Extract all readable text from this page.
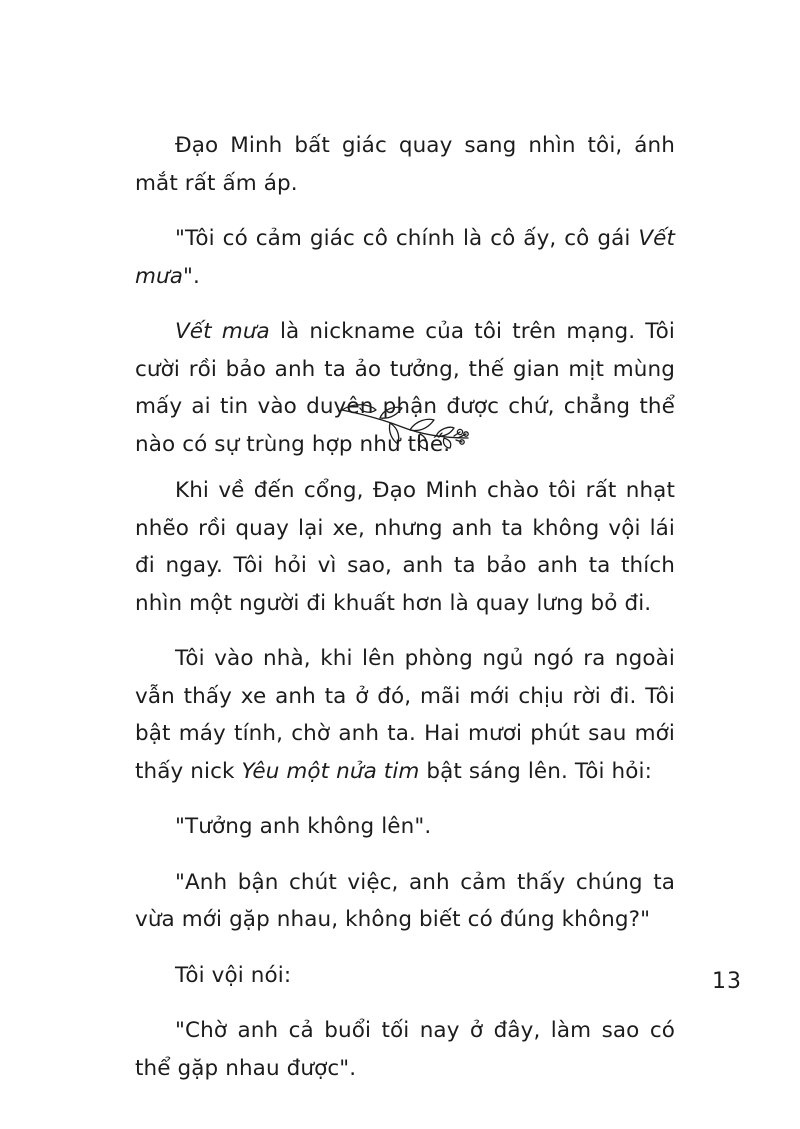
Đạo Minh bất giác quay sang nhìn tôi, ánh mắt rất ấm áp.

"Tôi có cảm giác cô chính là cô ấy, cô gái Vết mưa".

Vết mưa là nickname của tôi trên mạng. Tôi cười rồi bảo anh ta ảo tưởng, thế gian mịt mùng mấy ai tin vào duyên phận được chứ, chẳng thể nào có sự trùng hợp như thế.

Khi về đến cổng, Đạo Minh chào tôi rất nhạt nhẽo rồi quay lại xe, nhưng anh ta không vội lái đi ngay. Tôi hỏi vì sao, anh ta bảo anh ta thích nhìn một người đi khuất hơn là quay lưng bỏ đi.

Tôi vào nhà, khi lên phòng ngủ ngó ra ngoài vẫn thấy xe anh ta ở đó, mãi mới chịu rời đi. Tôi bật máy tính, chờ anh ta. Hai mươi phút sau mới thấy nick Yêu một nửa tim bật sáng lên. Tôi hỏi:

"Tưởng anh không lên".

"Anh bận chút việc, anh cảm thấy chúng ta vừa mới gặp nhau, không biết có đúng không?"

Tôi vội nói:

"Chờ anh cả buổi tối nay ở đây, làm sao có thể gặp nhau được".

13
